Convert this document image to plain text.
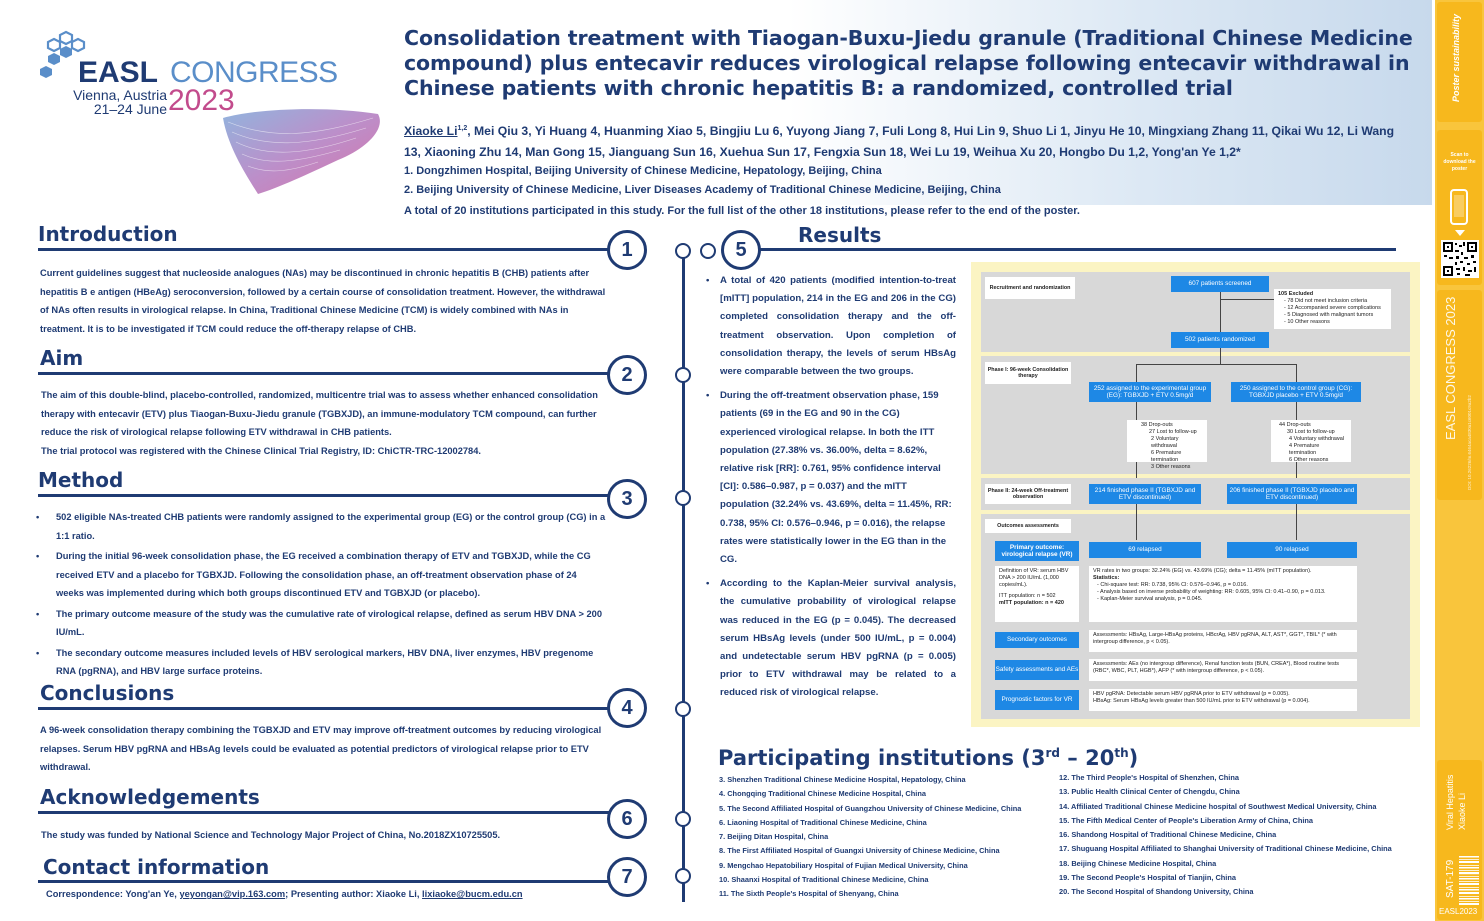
EASL CONGRESS
Vienna, Austria
21–24 June 2023
Consolidation treatment with Tiaogan-Buxu-Jiedu granule (Traditional Chinese Medicine compound) plus entecavir reduces virological relapse following entecavir withdrawal in Chinese patients with chronic hepatitis B: a randomized, controlled trial
Xiaoke Li$^{1,2}$, Mei Qiu 3, Yi Huang 4, Huanming Xiao 5, Bingjiu Lu 6, Yuyong Jiang 7, Fuli Long 8, Hui Lin 9, Shuo Li 1, Jinyu He 10, Mingxiang Zhang 11, Qikai Wu 12, Li Wang 13, Xiaoning Zhu 14, Man Gong 15, Jianguang Sun 16, Xuehua Sun 17, Fengxia Sun 18, Wei Lu 19, Weihua Xu 20, Hongbo Du 1,2, Yong'an Ye 1,2*
1. Dongzhimen Hospital, Beijing University of Chinese Medicine, Hepatology, Beijing, China
2. Beijing University of Chinese Medicine, Liver Diseases Academy of Traditional Chinese Medicine, Beijing, China
A total of 20 institutions participated in this study. For the full list of the other 18 institutions, please refer to the end of the poster.
Introduction
Current guidelines suggest that nucleoside analogues (NAs) may be discontinued in chronic hepatitis B (CHB) patients after hepatitis B e antigen (HBeAg) seroconversion, followed by a certain course of consolidation treatment. However, the withdrawal of NAs often results in virological relapse. In China, Traditional Chinese Medicine (TCM) is widely combined with NAs in treatment. It is to be investigated if TCM could reduce the off-therapy relapse of CHB.
Aim
The aim of this double-blind, placebo-controlled, randomized, multicentre trial was to assess whether enhanced consolidation therapy with entecavir (ETV) plus Tiaogan-Buxu-Jiedu granule (TGBXJD), an immune-modulatory TCM compound, can further reduce the risk of virological relapse following ETV withdrawal in CHB patients.
The trial protocol was registered with the Chinese Clinical Trial Registry, ID: ChiCTR-TRC-12002784.
Method
• 502 eligible NAs-treated CHB patients were randomly assigned to the experimental group (EG) or the control group (CG) in a 1:1 ratio.
• During the initial 96-week consolidation phase, the EG received a combination therapy of ETV and TGBXJD, while the CG received ETV and a placebo for TGBXJD. Following the consolidation phase, an off-treatment observation phase of 24 weeks was implemented during which both groups discontinued ETV and TGBXJD (or placebo).
• The primary outcome measure of the study was the cumulative rate of virological relapse, defined as serum HBV DNA > 200 IU/mL.
• The secondary outcome measures included levels of HBV serological markers, HBV DNA, liver enzymes, HBV pregenome RNA (pgRNA), and HBV large surface proteins.
Conclusions
A 96-week consolidation therapy combining the TGBXJD and ETV may improve off-treatment outcomes by reducing virological relapses. Serum HBV pgRNA and HBsAg levels could be evaluated as potential predictors of virological relapse prior to ETV withdrawal.
Acknowledgements
The study was funded by National Science and Technology Major Project of China, No.2018ZX10725505.
Contact information
Correspondence: Yong'an Ye, yeyongan@vip.163.com; Presenting author: Xiaoke Li, lixiaoke@bucm.edu.cn
1
2
3
4
6
7
5
Results
• A total of 420 patients (modified intention-to-treat [mITT] population, 214 in the EG and 206 in the CG) completed consolidation therapy and the off-treatment observation. Upon completion of consolidation therapy, the levels of serum HBsAg were comparable between the two groups.
• During the off-treatment observation phase, 159 patients (69 in the EG and 90 in the CG) experienced virological relapse. In both the ITT population (27.38% vs. 36.00%, delta = 8.62%, relative risk [RR]: 0.761, 95% confidence interval [CI]: 0.586–0.987, p = 0.037) and the mITT population (32.24% vs. 43.69%, delta = 11.45%, RR: 0.738, 95% CI: 0.576–0.946, p = 0.016), the relapse rates were statistically lower in the EG than in the CG.
• According to the Kaplan-Meier survival analysis, the cumulative probability of virological relapse was reduced in the EG (p = 0.045). The decreased serum HBsAg levels (under 500 IU/mL, p = 0.004) and undetectable serum HBV pgRNA (p = 0.005) prior to ETV withdrawal may be related to a reduced risk of virological relapse.
Recruitment and randomization
607 patients screened
105 Excluded
- 78 Did not meet inclusion criteria
- 12 Accompanied severe complications
- 5 Diagnosed with malignant tumors
- 10 Other reasons
502 patients randomized
Phase I: 96-week Consolidation therapy
252 assigned to the experimental group (EG): TGBXJD + ETV 0.5mg/d
250 assigned to the control group (CG): TGBXJD placebo + ETV 0.5mg/d
38 Drop-outs
27 Lost to follow-up
2 Voluntary withdrawal
6 Premature termination
3 Other reasons
44 Drop-outs
30 Lost to follow-up
4 Voluntary withdrawal
4 Premature termination
6 Other reasons
Phase II: 24-week Off-treatment observation
214 finished phase II (TGBXJD and ETV discontinued)
206 finished phase II (TGBXJD placebo and ETV discontinued)
Outcomes assessments
Primary outcome: virological relapse (VR)
69 relapsed	90 relapsed
Definition of VR: serum HBV DNA > 200 IU/mL (1,000 copies/mL).
ITT population: n = 502
mITT population: n = 420
VR rates in two groups: 32.24% (EG) vs. 43.69% (CG); delta = 11.45% (mITT population).
Statistics:
- Chi-square test: RR: 0.738, 95% CI: 0.576–0.946, p = 0.016.
- Analysis based on inverse probability of weighting: RR: 0.605, 95% CI: 0.41–0.90, p = 0.013.
- Kaplan-Meier survival analysis, p = 0.045.
Secondary outcomes
Assessments: HBsAg, Large-HBsAg proteins, HBcrAg, HBV pgRNA, ALT, AST*, GGT*, TBIL* (* with intergroup difference, p < 0.05).
Safety assessments and AEs
Assessments: AEs (no intergroup difference), Renal function tests (BUN, CREA*), Blood routine tests (RBC*, WBC, PLT, HGB*), AFP (* with intergroup difference, p < 0.05).
Prognostic factors for VR
HBV pgRNA: Detectable serum HBV pgRNA prior to ETV withdrawal (p = 0.005).
HBsAg: Serum HBsAg levels greater than 500 IU/mL prior to ETV withdrawal (p = 0.004).
Participating institutions (3rd – 20th)
3. Shenzhen Traditional Chinese Medicine Hospital, Hepatology, China
4. Chongqing Traditional Chinese Medicine Hospital, China
5. The Second Affiliated Hospital of Guangzhou University of Chinese Medicine, China
6. Liaoning Hospital of Traditional Chinese Medicine, China
7. Beijing Ditan Hospital, China
8. The First Affiliated Hospital of Guangxi University of Chinese Medicine, China
9. Mengchao Hepatobiliary Hospital of Fujian Medical University, China
10. Shaanxi Hospital of Traditional Chinese Medicine, China
11. The Sixth People's Hospital of Shenyang, China
12. The Third People's Hospital of Shenzhen, China
13. Public Health Clinical Center of Chengdu, China
14. Affiliated Traditional Chinese Medicine hospital of Southwest Medical University, China
15. The Fifth Medical Center of People's Liberation Army of China, China
16. Shandong Hospital of Traditional Chinese Medicine, China
17. Shuguang Hospital Affiliated to Shanghai University of Traditional Chinese Medicine, China
18. Beijing Chinese Medicine Hospital, China
19. The Second People's Hospital of Tianjin, China
20. The Second Hospital of Shandong University, China
Poster sustainability
Scan to download the poster
EASL CONGRESS 2023
DOI: 10.26226/m.6464aca4830a1c6001c9a2b2
Viral Hepatitis Xiaoke Li
SAT-179
EASL2023
